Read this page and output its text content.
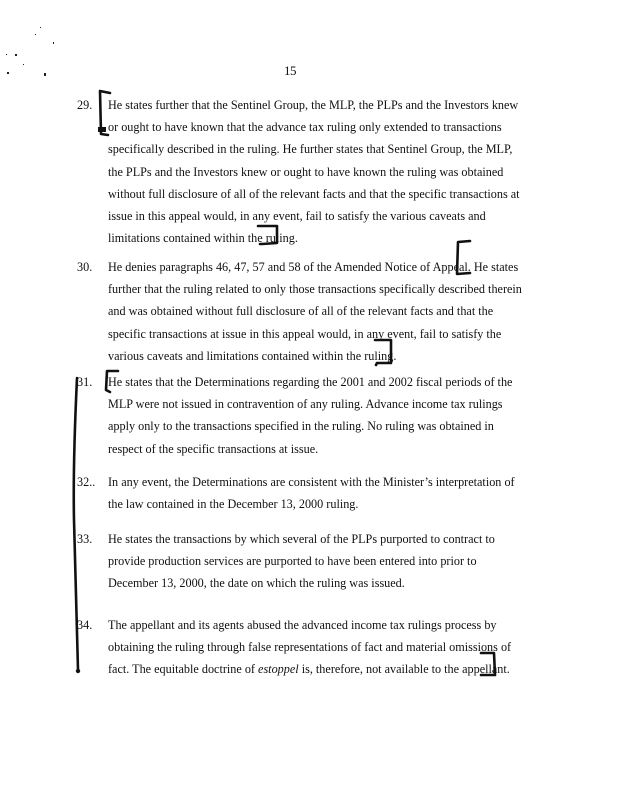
15
29.	He states further that the Sentinel Group, the MLP, the PLPs and the Investors knew
or ought to have known that the advance tax ruling only extended to transactions
specifically described in the ruling. He further states that Sentinel Group, the MLP,
the PLPs and the Investors knew or ought to have known the ruling was obtained
without full disclosure of all of the relevant facts and that the specific transactions at
issue in this appeal would, in any event, fail to satisfy the various caveats and
limitations contained within the ruling.
30.	He denies paragraphs 46, 47, 57 and 58 of the Amended Notice of Appeal. He states
further that the ruling related to only those transactions specifically described therein
and was obtained without full disclosure of all of the relevant facts and that the
specific transactions at issue in this appeal would, in any event, fail to satisfy the
various caveats and limitations contained within the ruling.
31.	He states that the Determinations regarding the 2001 and 2002 fiscal periods of the
MLP were not issued in contravention of any ruling. Advance income tax rulings
apply only to the transactions specified in the ruling. No ruling was obtained in
respect of the specific transactions at issue.
32..	In any event, the Determinations are consistent with the Minister’s interpretation of
the law contained in the December 13, 2000 ruling.
33.	He states the transactions by which several of the PLPs purported to contract to
provide production services are purported to have been entered into prior to
December 13, 2000, the date on which the ruling was issued.
34.	The appellant and its agents abused the advanced income tax rulings process by
obtaining the ruling through false representations of fact and material omissions of
fact. The equitable doctrine of estoppel is, therefore, not available to the appellant.
